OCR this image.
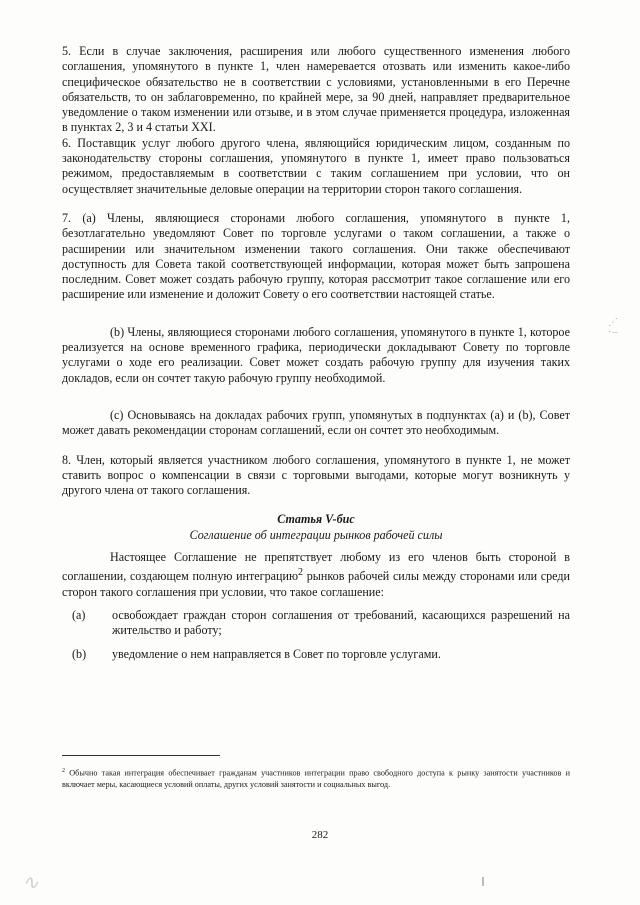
5. Если в случае заключения, расширения или любого существенного изменения любого соглашения, упомянутого в пункте 1, член намеревается отозвать или изменить какое-либо специфическое обязательство не в соответствии с условиями, установленными в его Перечне обязательств, то он заблаговременно, по крайней мере, за 90 дней, направляет предварительное уведомление о таком изменении или отзыве, и в этом случае применяется процедура, изложенная в пунктах 2, 3 и 4 статьи XXI.

6. Поставщик услуг любого другого члена, являющийся юридическим лицом, созданным по законодательству стороны соглашения, упомянутого в пункте 1, имеет право пользоваться режимом, предоставляемым в соответствии с таким соглашением при условии, что он осуществляет значительные деловые операции на территории сторон такого соглашения.

7. (a) Члены, являющиеся сторонами любого соглашения, упомянутого в пункте 1, безотлагательно уведомляют Совет по торговле услугами о таком соглашении, а также о расширении или значительном изменении такого соглашения. Они также обеспечивают доступность для Совета такой соответствующей информации, которая может быть запрошена последним. Совет может создать рабочую группу, которая рассмотрит такое соглашение или его расширение или изменение и доложит Совету о его соответствии настоящей статье.

(b) Члены, являющиеся сторонами любого соглашения, упомянутого в пункте 1, которое реализуется на основе временного графика, периодически докладывают Совету по торговле услугами о ходе его реализации. Совет может создать рабочую группу для изучения таких докладов, если он сочтет такую рабочую группу необходимой.

(c) Основываясь на докладах рабочих групп, упомянутых в подпунктах (a) и (b), Совет может давать рекомендации сторонам соглашений, если он сочтет это необходимым.

8. Член, который является участником любого соглашения, упомянутого в пункте 1, не может ставить вопрос о компенсации в связи с торговыми выгодами, которые могут возникнуть у другого члена от такого соглашения.

Статья V-бис

Соглашение об интеграции рынков рабочей силы

Настоящее Соглашение не препятствует любому из его членов быть стороной в соглашении, создающем полную интеграцию$^2$ рынков рабочей силы между сторонами или среди сторон такого соглашения при условии, что такое соглашение:

(a)	освобождает граждан сторон соглашения от требований, касающихся разрешений на жительство и работу;
(b)	уведомление о нем направляется в Совет по торговле услугами.
$^2$ Обычно такая интеграция обеспечивает гражданам участников интеграции право свободного доступа к рынку занятости участников и включает меры, касающиеся условий оплаты, других условий занятости и социальных выгод.
282
⋰
·–
∿
